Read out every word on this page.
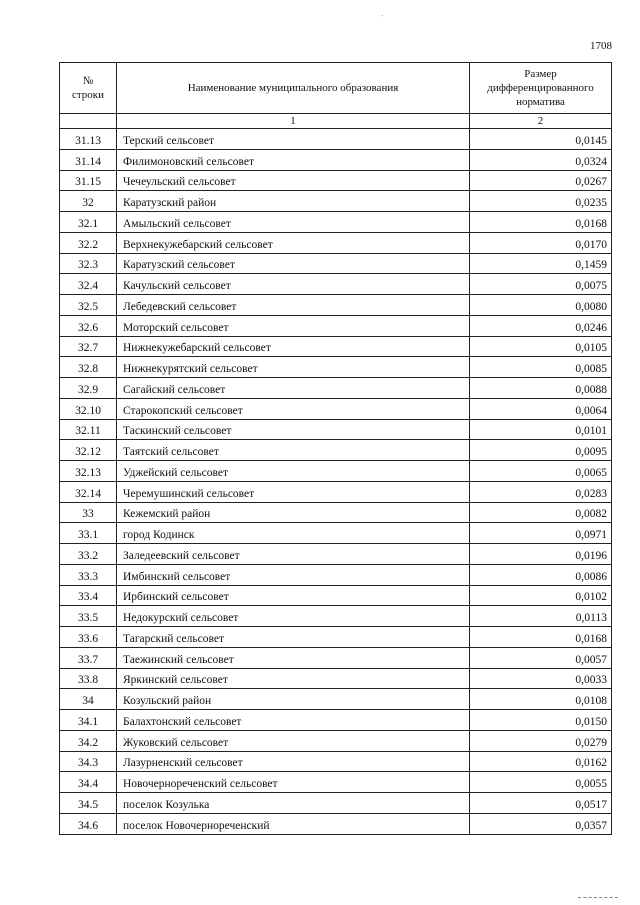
`
1708
№
строки	Наименование муниципального образования	Размер дифференцированного норматива
	1	2
31.13	Терский сельсовет	0,0145
31.14	Филимоновский сельсовет	0,0324
31.15	Чечеульский сельсовет	0,0267
32	Каратузский район	0,0235
32.1	Амыльский сельсовет	0,0168
32.2	Верхнекужебарский сельсовет	0,0170
32.3	Каратузский сельсовет	0,1459
32.4	Качульский сельсовет	0,0075
32.5	Лебедевский сельсовет	0,0080
32.6	Моторский сельсовет	0,0246
32.7	Нижнекужебарский сельсовет	0,0105
32.8	Нижнекурятский сельсовет	0,0085
32.9	Сагайский сельсовет	0,0088
32.10	Старокопский сельсовет	0,0064
32.11	Таскинский сельсовет	0,0101
32.12	Таятский сельсовет	0,0095
32.13	Уджейский сельсовет	0,0065
32.14	Черемушинский сельсовет	0,0283
33	Кежемский район	0,0082
33.1	город Кодинск	0,0971
33.2	Заледеевский сельсовет	0,0196
33.3	Имбинский сельсовет	0,0086
33.4	Ирбинский сельсовет	0,0102
33.5	Недокурский сельсовет	0,0113
33.6	Тагарский сельсовет	0,0168
33.7	Таежинский сельсовет	0,0057
33.8	Яркинский сельсовет	0,0033
34	Козульский район	0,0108
34.1	Балахтонский сельсовет	0,0150
34.2	Жуковский сельсовет	0,0279
34.3	Лазурненский сельсовет	0,0162
34.4	Новочернореченский сельсовет	0,0055
34.5	поселок Козулька	0,0517
34.6	поселок Новочернореченский	0,0357
